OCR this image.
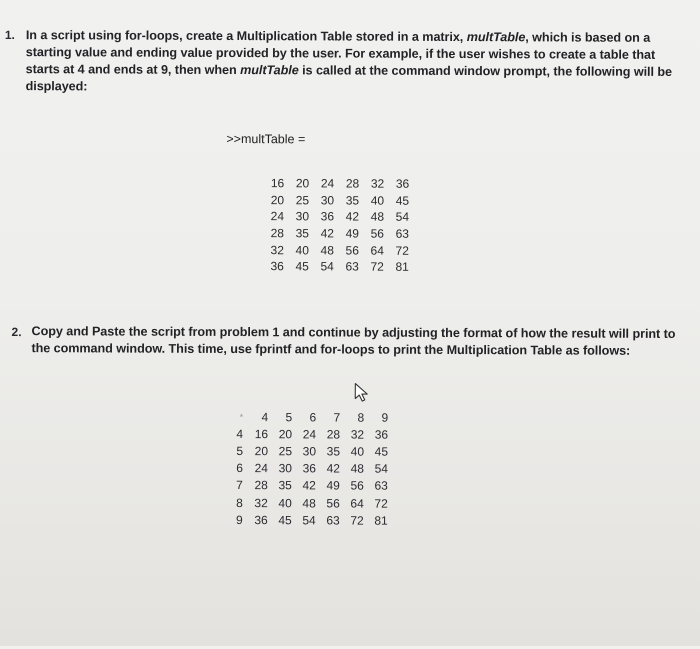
1. In a script using for-loops, create a Multiplication Table stored in a matrix, multTable, which is based on a
starting value and ending value provided by the user. For example, if the user wishes to create a table that
starts at 4 and ends at 9, then when multTable is called at the command window prompt, the following will be
displayed:
>>multTable =
16	20	24	28	32	36
20	25	30	35	40	45
24	30	36	42	48	54
28	35	42	49	56	63
32	40	48	56	64	72
36	45	54	63	72	81
2. Copy and Paste the script from problem 1 and continue by adjusting the format of how the result will print to
the command window. This time, use fprintf and for-loops to print the Multiplication Table as follows:
*	4	5	6	7	8	9
4	16	20	24	28	32	36
5	20	25	30	35	40	45
6	24	30	36	42	48	54
7	28	35	42	49	56	63
8	32	40	48	56	64	72
9	36	45	54	63	72	81
